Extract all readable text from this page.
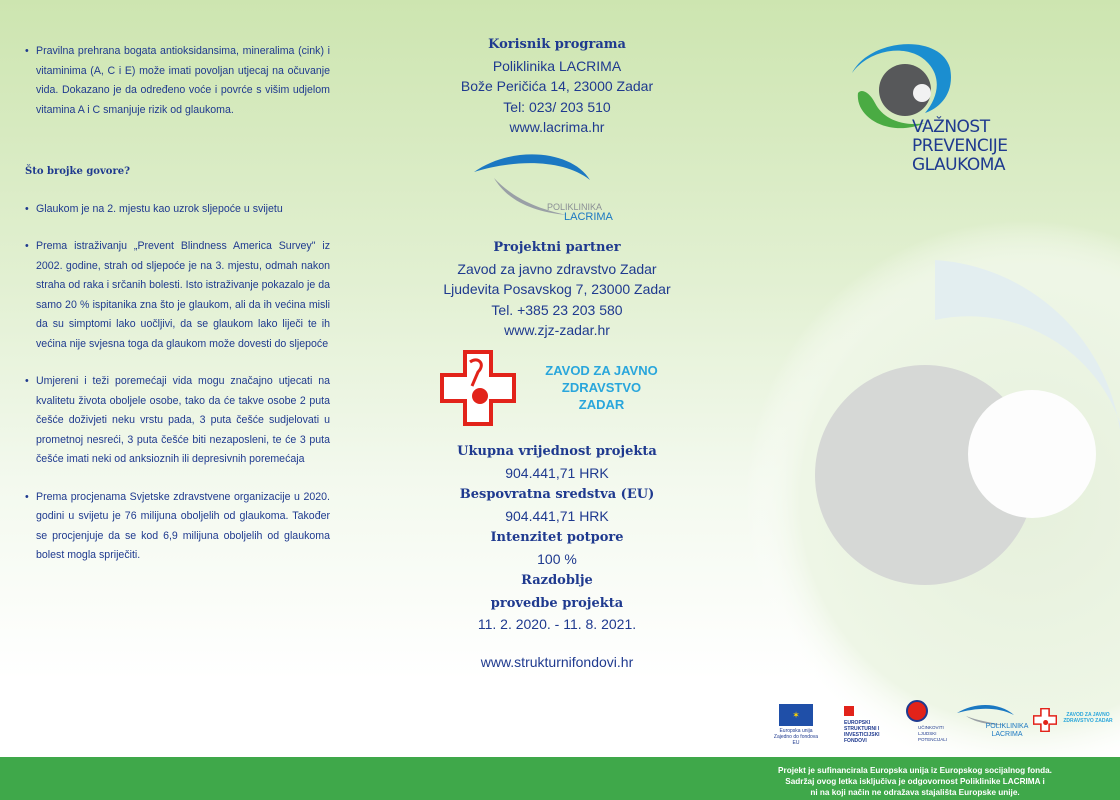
• Pravilna prehrana bogata antioksidansima, mineralima (cink) i vitaminima (A, C i E) može imati povoljan utjecaj na očuvanje vida. Dokazano je da određeno voće i povrće s višim udjelom vitamina A i C smanjuje rizik od glaukoma.

Što brojke govore?

• Glaukom je na 2. mjestu kao uzrok sljepoće u svijetu

• Prema istraživanju „Prevent Blindness America Survey" iz 2002. godine, strah od sljepoće je na 3. mjestu, odmah nakon straha od raka i srčanih bolesti. Isto istraživanje pokazalo je da samo 20 % ispitanika zna što je glaukom, ali da ih većina misli da su simptomi lako uočljivi, da se glaukom lako liječi te ih većina nije svjesna toga da glaukom može dovesti do sljepoće

• Umjereni i teži poremećaji vida mogu značajno utjecati na kvalitetu života oboljele osobe, tako da će takve osobe 2 puta češće doživjeti neku vrstu pada, 3 puta češće sudjelovati u prometnoj nesreći, 3 puta češće biti nezaposleni, te će 3 puta češće imati neki od anksioznih ili depresivnih poremećaja

• Prema procjenama Svjetske zdravstvene organizacije u 2020. godini u svijetu je 76 milijuna oboljelih od glaukoma. Također se procjenjuje da se kod 6,9 milijuna oboljelih od glaukoma bolest mogla spriječiti.

Korisnik programa
Poliklinika LACRIMA
Bože Peričića 14, 23000 Zadar
Tel: 023/ 203 510
www.lacrima.hr
POLIKLINIKA
LACRIMA
Projektni partner
Zavod za javno zdravstvo Zadar
Ljudevita Posavskog 7, 23000 Zadar
Tel. +385 23 203 580
www.zjz-zadar.hr
ZAVOD ZA JAVNO
ZDRAVSTVO
ZADAR
Ukupna vrijednost projekta
904.441,71 HRK
Bespovratna sredstva (EU)
904.441,71 HRK
Intenzitet potpore
100 %
Razdoblje
provedbe projekta
11. 2. 2020. - 11. 8. 2021.
www.strukturnifondovi.hr
VAŽNOST
PREVENCIJE
GLAUKOMA
✶
Europska unija Zajedno do fondova EU
EUROPSKI STRUKTURNI I INVESTICIJSKI FONDOVI
UČINKOVITI LJUDSKI POTENCIJALI
POLIKLINIKA LACRIMA
ZAVOD ZA JAVNO ZDRAVSTVO ZADAR
Projekt je sufinancirala Europska unija iz Europskog socijalnog fonda.
Sadržaj ovog letka isključiva je odgovornost Poliklinike LACRIMA i
ni na koji način ne odražava stajališta Europske unije.
